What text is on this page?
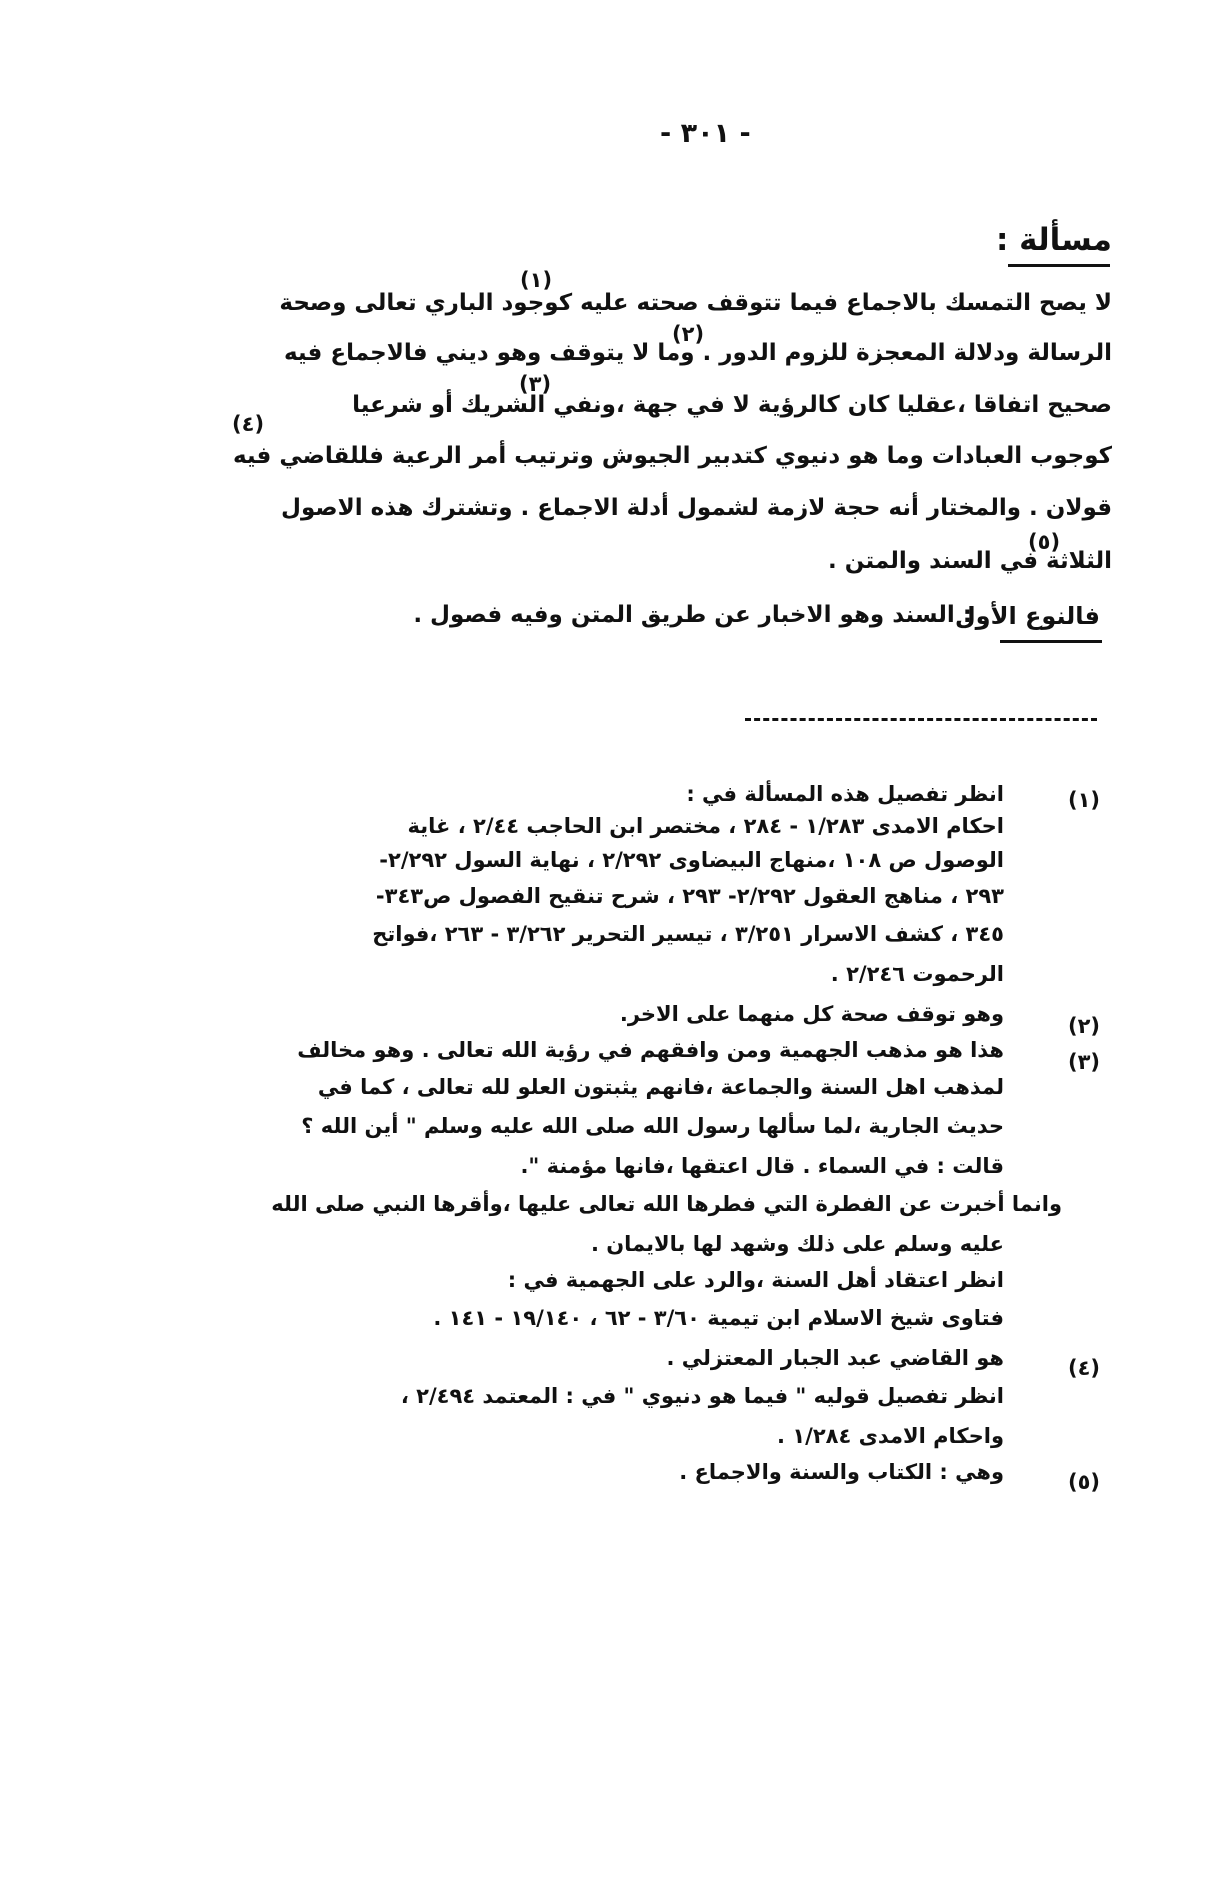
- ٣٠١ -
مسألة :
لا يصح التمسك بالاجماع فيما تتوقف صحته عليه كوجود الباري تعالى وصحة
الرسالة ودلالة المعجزة للزوم الدور . وما لا يتوقف وهو ديني فالاجماع فيه
صحيح اتفاقا ،عقليا كان كالرؤية لا في جهة ،ونفي الشريك أو شرعيا
كوجوب العبادات وما هو دنيوي كتدبير الجيوش وترتيب أمر الرعية فللقاضي فيه
قولان . والمختار أنه حجة لازمة لشمول أدلة الاجماع . وتشترك هذه الاصول
الثلاثة في السند والمتن .
(١)
(٢)
(٣)
(٤)
(٥)
فالنوع الأول
: السند وهو الاخبار عن طريق المتن وفيه فصول .
(١)
انظر تفصيل هذه المسألة في :
احكام الامدى ١/٢٨٣ - ٢٨٤ ، مختصر ابن الحاجب ٢/٤٤ ، غاية
الوصول ص ١٠٨ ،منهاج البيضاوى ٢/٢٩٢ ، نهاية السول ٢/٢٩٢-
٢٩٣ ، مناهج العقول ٢/٢٩٢- ٢٩٣ ، شرح تنقيح الفصول ص٣٤٣-
٣٤٥ ، كشف الاسرار ٣/٢٥١ ، تيسير التحرير ٣/٢٦٢ - ٢٦٣ ،فواتح
الرحموت ٢/٢٤٦ .
(٢)
وهو توقف صحة كل منهما على الاخر.
(٣)
هذا هو مذهب الجهمية ومن وافقهم في رؤية الله تعالى . وهو مخالف
لمذهب اهل السنة والجماعة ،فانهم يثبتون العلو لله تعالى ، كما في
حديث الجارية ،لما سألها رسول الله صلى الله عليه وسلم " أين الله ؟
قالت : في السماء . قال اعتقها ،فانها مؤمنة ".
وانما أخبرت عن الفطرة التي فطرها الله تعالى عليها ،وأقرها النبي صلى الله
عليه وسلم على ذلك وشهد لها بالايمان .
انظر اعتقاد أهل السنة ،والرد على الجهمية في :
فتاوى شيخ الاسلام ابن تيمية ٣/٦٠ - ٦٢ ، ١٩/١٤٠ - ١٤١ .
(٤)
هو القاضي عبد الجبار المعتزلي .
انظر تفصيل قوليه " فيما هو دنيوي " في : المعتمد ٢/٤٩٤ ،
واحكام الامدى ١/٢٨٤ .
(٥)
وهي : الكتاب والسنة والاجماع .
